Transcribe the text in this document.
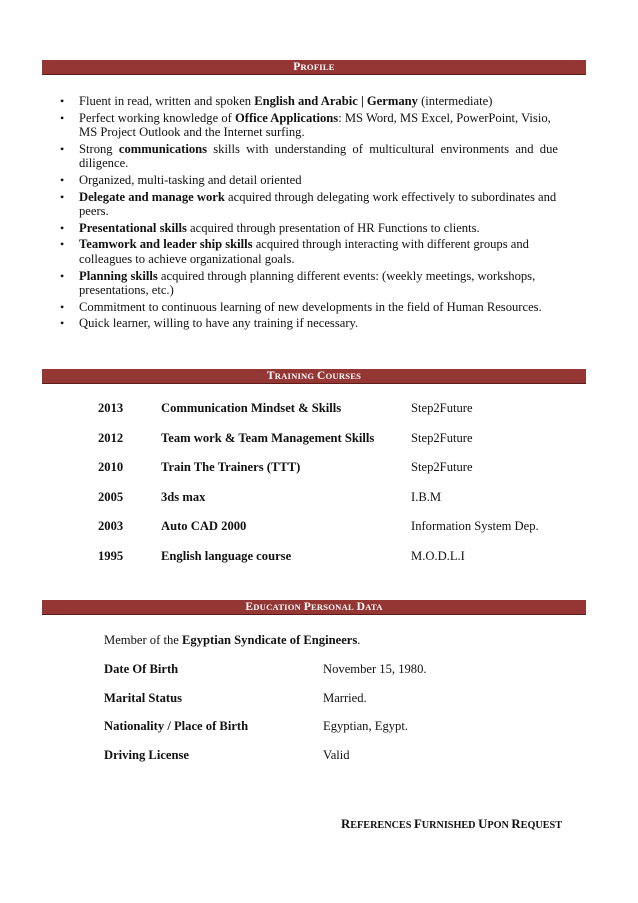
PROFILE
• Fluent in read, written and spoken English and Arabic | Germany (intermediate)
• Perfect working knowledge of Office Applications: MS Word, MS Excel, PowerPoint, Visio, MS Project Outlook and the Internet surfing.
• Strong communications skills with understanding of multicultural environments and due diligence.
• Organized, multi-tasking and detail oriented
• Delegate and manage work acquired through delegating work effectively to subordinates and peers.
• Presentational skills acquired through presentation of HR Functions to clients.
• Teamwork and leader ship skills acquired through interacting with different groups and colleagues to achieve organizational goals.
• Planning skills acquired through planning different events: (weekly meetings, workshops, presentations, etc.)
• Commitment to continuous learning of new developments in the field of Human Resources.
• Quick learner, willing to have any training if necessary.
TRAINING COURSES
2013	Communication Mindset & Skills	Step2Future
2012	Team work & Team Management Skills	Step2Future
2010	Train The Trainers (TTT)	Step2Future
2005	3ds max	I.B.M
2003	Auto CAD 2000	Information System Dep.
1995	English language course	M.O.D.L.I
EDUCATION PERSONAL DATA
Member of the Egyptian Syndicate of Engineers.
Date Of Birth	November 15, 1980.
Marital Status	Married.
Nationality / Place of Birth	Egyptian, Egypt.
Driving License	Valid
REFERENCES FURNISHED UPON REQUEST
